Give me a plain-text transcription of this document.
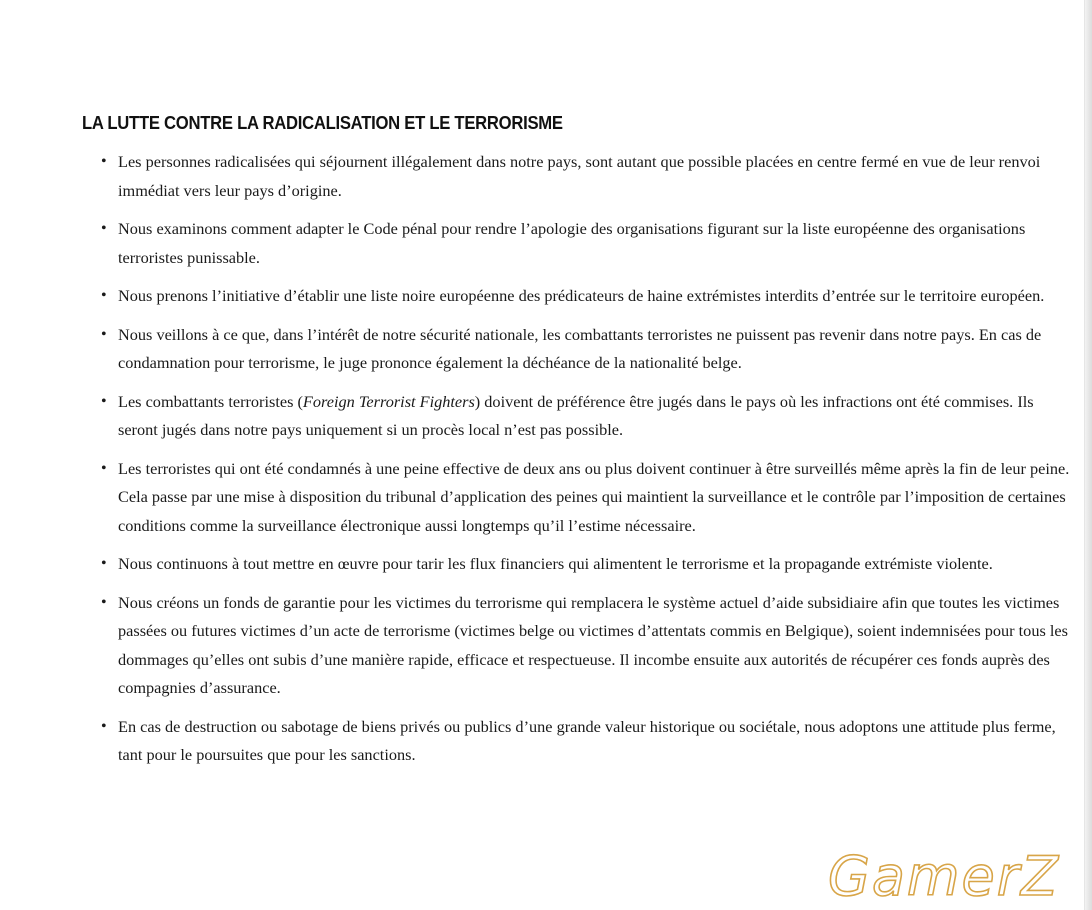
LA LUTTE CONTRE LA RADICALISATION ET LE TERRORISME
• Les personnes radicalisées qui séjournent illégalement dans notre pays, sont autant que possible placées en centre fermé en vue de leur renvoi immédiat vers leur pays d’origine.
• Nous examinons comment adapter le Code pénal pour rendre l’apologie des organisations figurant sur la liste européenne des organisations terroristes punissable.
• Nous prenons l’initiative d’établir une liste noire européenne des prédicateurs de haine extrémistes interdits d’entrée sur le territoire européen.
• Nous veillons à ce que, dans l’intérêt de notre sécurité nationale, les combattants terroristes ne puissent pas revenir dans notre pays. En cas de condamnation pour terrorisme, le juge prononce également la déchéance de la nationalité belge.
• Les combattants terroristes (Foreign Terrorist Fighters) doivent de préférence être jugés dans le pays où les infractions ont été commises. Ils seront jugés dans notre pays uniquement si un procès local n’est pas possible.
• Les terroristes qui ont été condamnés à une peine effective de deux ans ou plus doivent continuer à être surveillés même après la fin de leur peine. Cela passe par une mise à disposition du tribunal d’application des peines qui maintient la surveillance et le contrôle par l’imposition de certaines conditions comme la surveillance électronique aussi longtemps qu’il l’estime nécessaire.
• Nous continuons à tout mettre en œuvre pour tarir les flux financiers qui alimentent le terrorisme et la propagande extrémiste violente.
• Nous créons un fonds de garantie pour les victimes du terrorisme qui remplacera le système actuel d’aide subsidiaire afin que toutes les victimes passées ou futures victimes d’un acte de terrorisme (victimes belge ou victimes d’attentats commis en Belgique), soient indemnisées pour tous les dommages qu’elles ont subis d’une manière rapide, efficace et respectueuse. Il incombe ensuite aux autorités de récupérer ces fonds auprès des compagnies d’assurance.
• En cas de destruction ou sabotage de biens privés ou publics d’une grande valeur historique ou sociétale, nous adoptons une attitude plus ferme, tant pour le poursuites que pour les sanctions.
GamerZ
